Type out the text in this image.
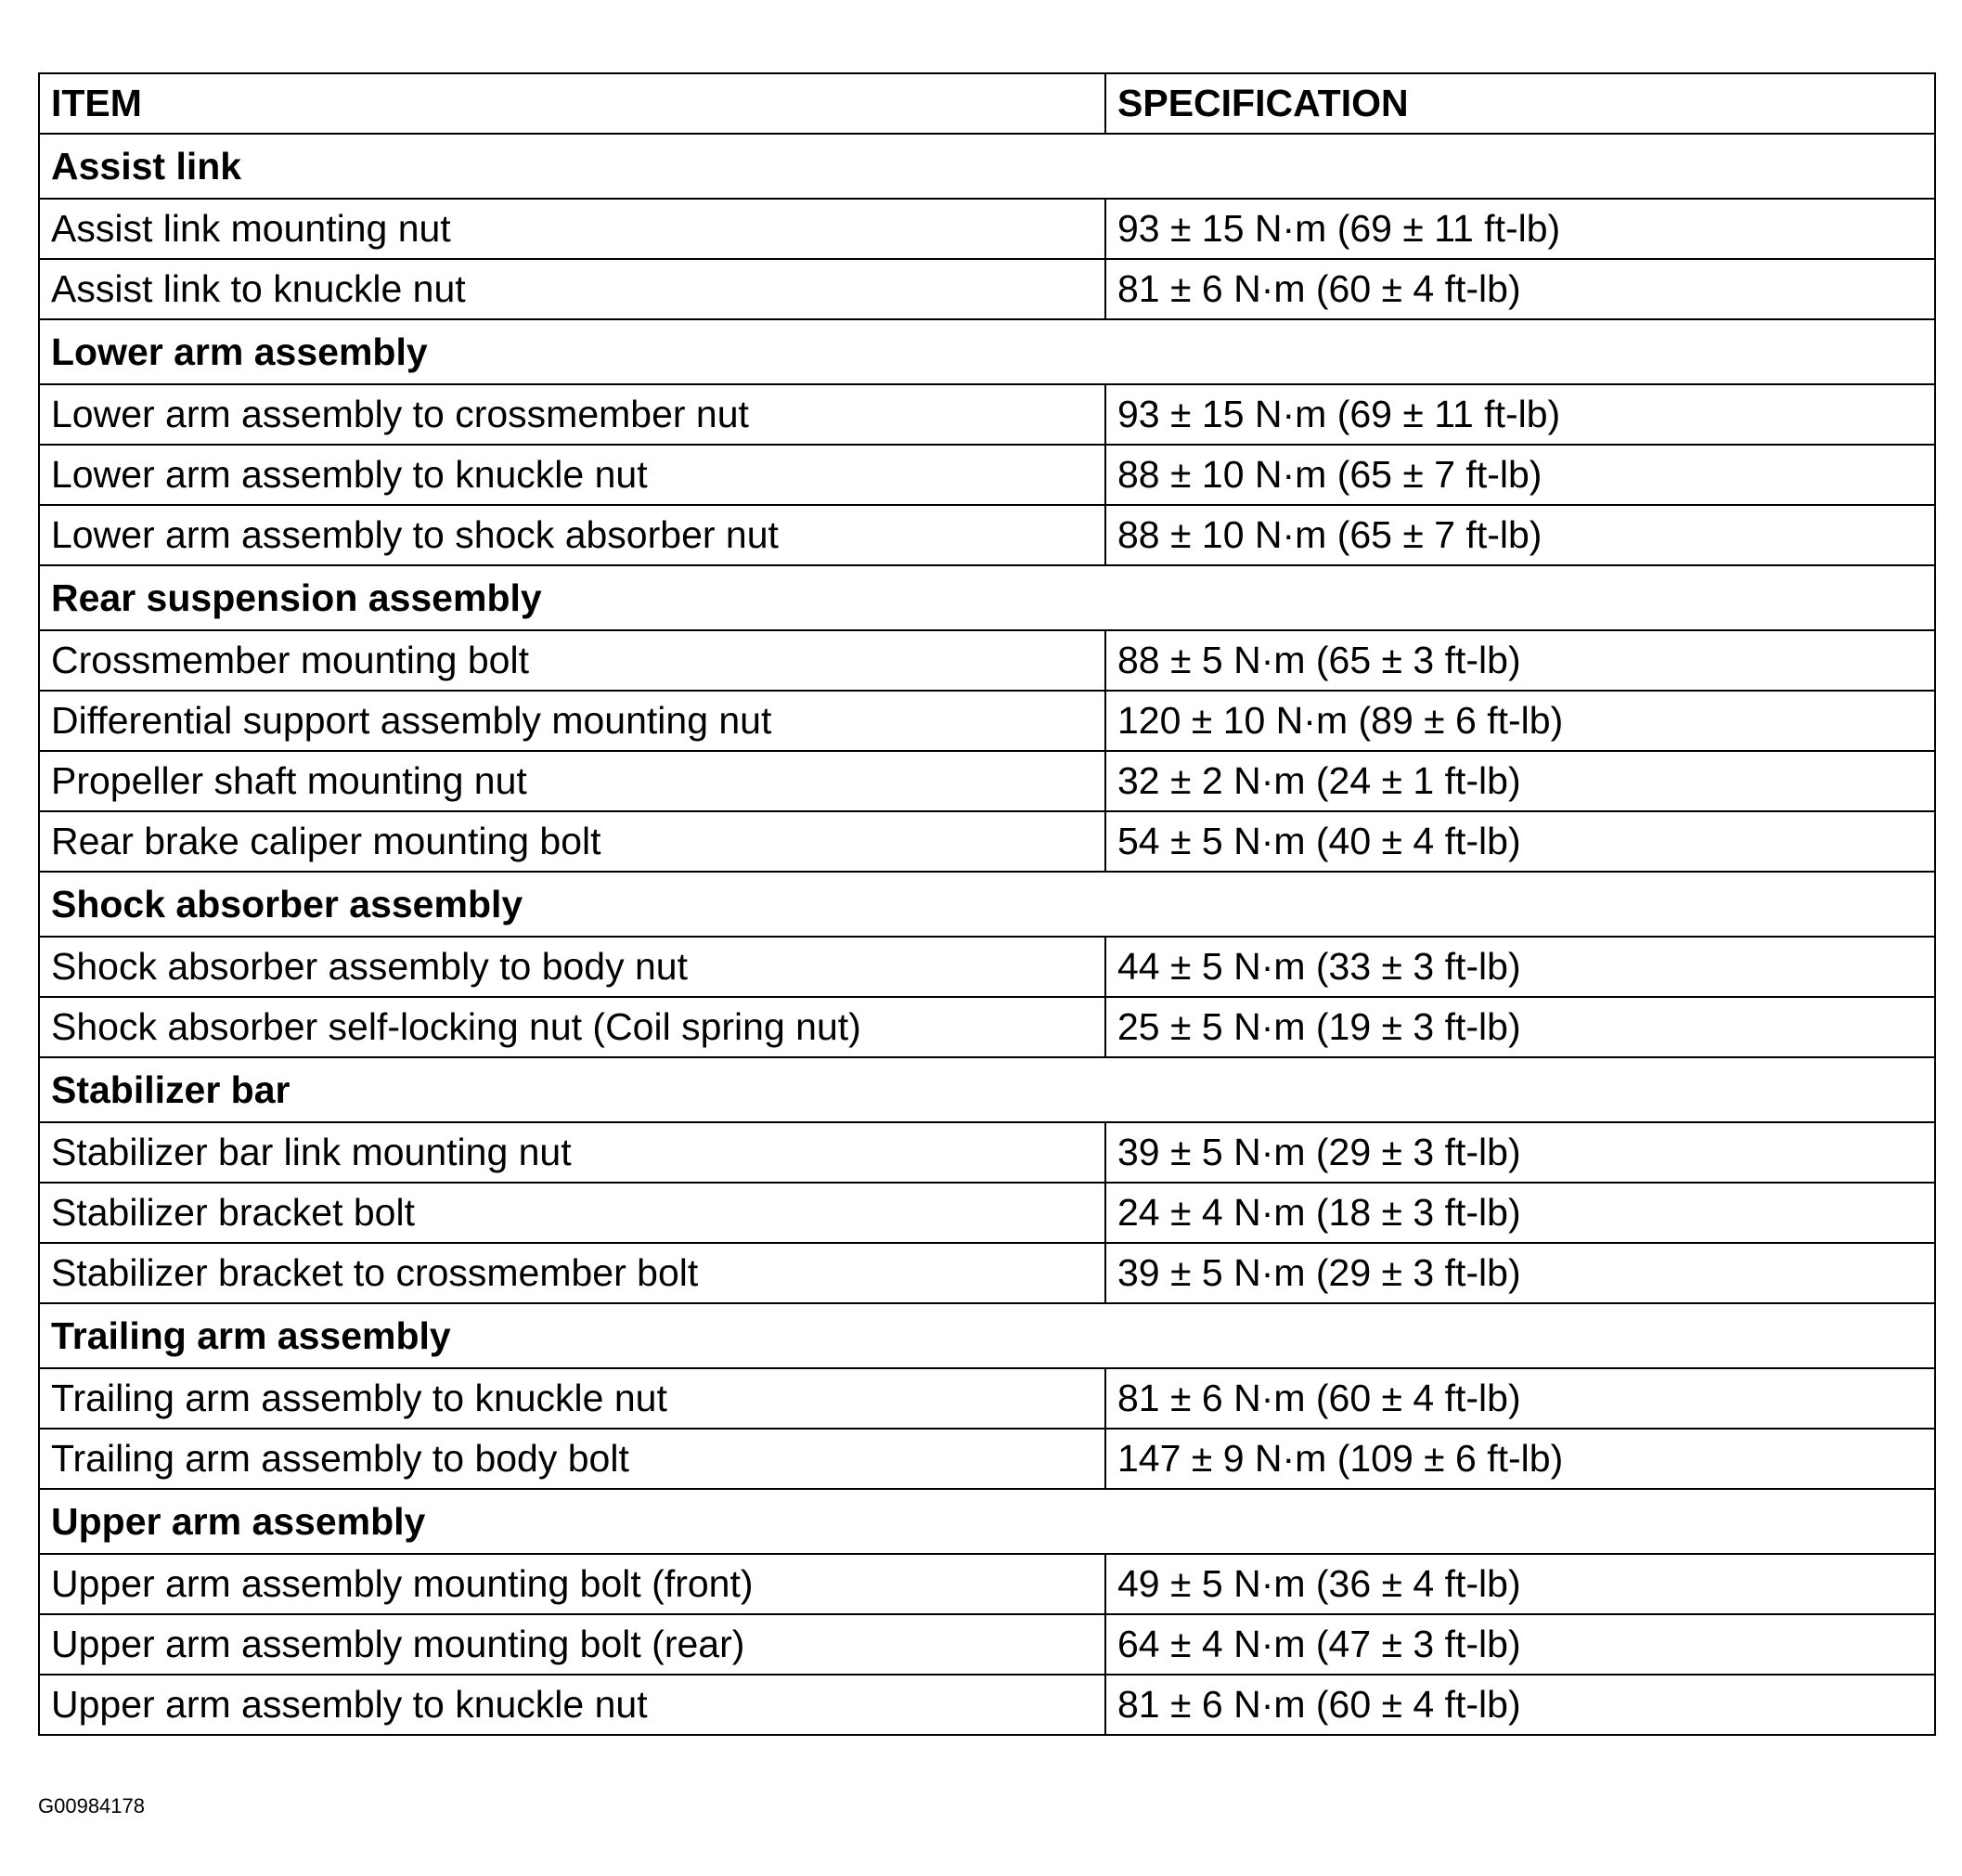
ITEM	SPECIFICATION
Assist link	
Assist link mounting nut	93 ± 15 N·m (69 ± 11 ft-lb)
Assist link to knuckle nut	81 ± 6 N·m (60 ± 4 ft-lb)
Lower arm assembly	
Lower arm assembly to crossmember nut	93 ± 15 N·m (69 ± 11 ft-lb)
Lower arm assembly to knuckle nut	88 ± 10 N·m (65 ± 7 ft-lb)
Lower arm assembly to shock absorber nut	88 ± 10 N·m (65 ± 7 ft-lb)
Rear suspension assembly	
Crossmember mounting bolt	88 ± 5 N·m (65 ± 3 ft-lb)
Differential support assembly mounting nut	120 ± 10 N·m (89 ± 6 ft-lb)
Propeller shaft mounting nut	32 ± 2 N·m (24 ± 1 ft-lb)
Rear brake caliper mounting bolt	54 ± 5 N·m (40 ± 4 ft-lb)
Shock absorber assembly	
Shock absorber assembly to body nut	44 ± 5 N·m (33 ± 3 ft-lb)
Shock absorber self-locking nut (Coil spring nut)	25 ± 5 N·m (19 ± 3 ft-lb)
Stabilizer bar	
Stabilizer bar link mounting nut	39 ± 5 N·m (29 ± 3 ft-lb)
Stabilizer bracket bolt	24 ± 4 N·m (18 ± 3 ft-lb)
Stabilizer bracket to crossmember bolt	39 ± 5 N·m (29 ± 3 ft-lb)
Trailing arm assembly	
Trailing arm assembly to knuckle nut	81 ± 6 N·m (60 ± 4 ft-lb)
Trailing arm assembly to body bolt	147 ± 9 N·m (109 ± 6 ft-lb)
Upper arm assembly	
Upper arm assembly mounting bolt (front)	49 ± 5 N·m (36 ± 4 ft-lb)
Upper arm assembly mounting bolt (rear)	64 ± 4 N·m (47 ± 3 ft-lb)
Upper arm assembly to knuckle nut	81 ± 6 N·m (60 ± 4 ft-lb)
G00984178
